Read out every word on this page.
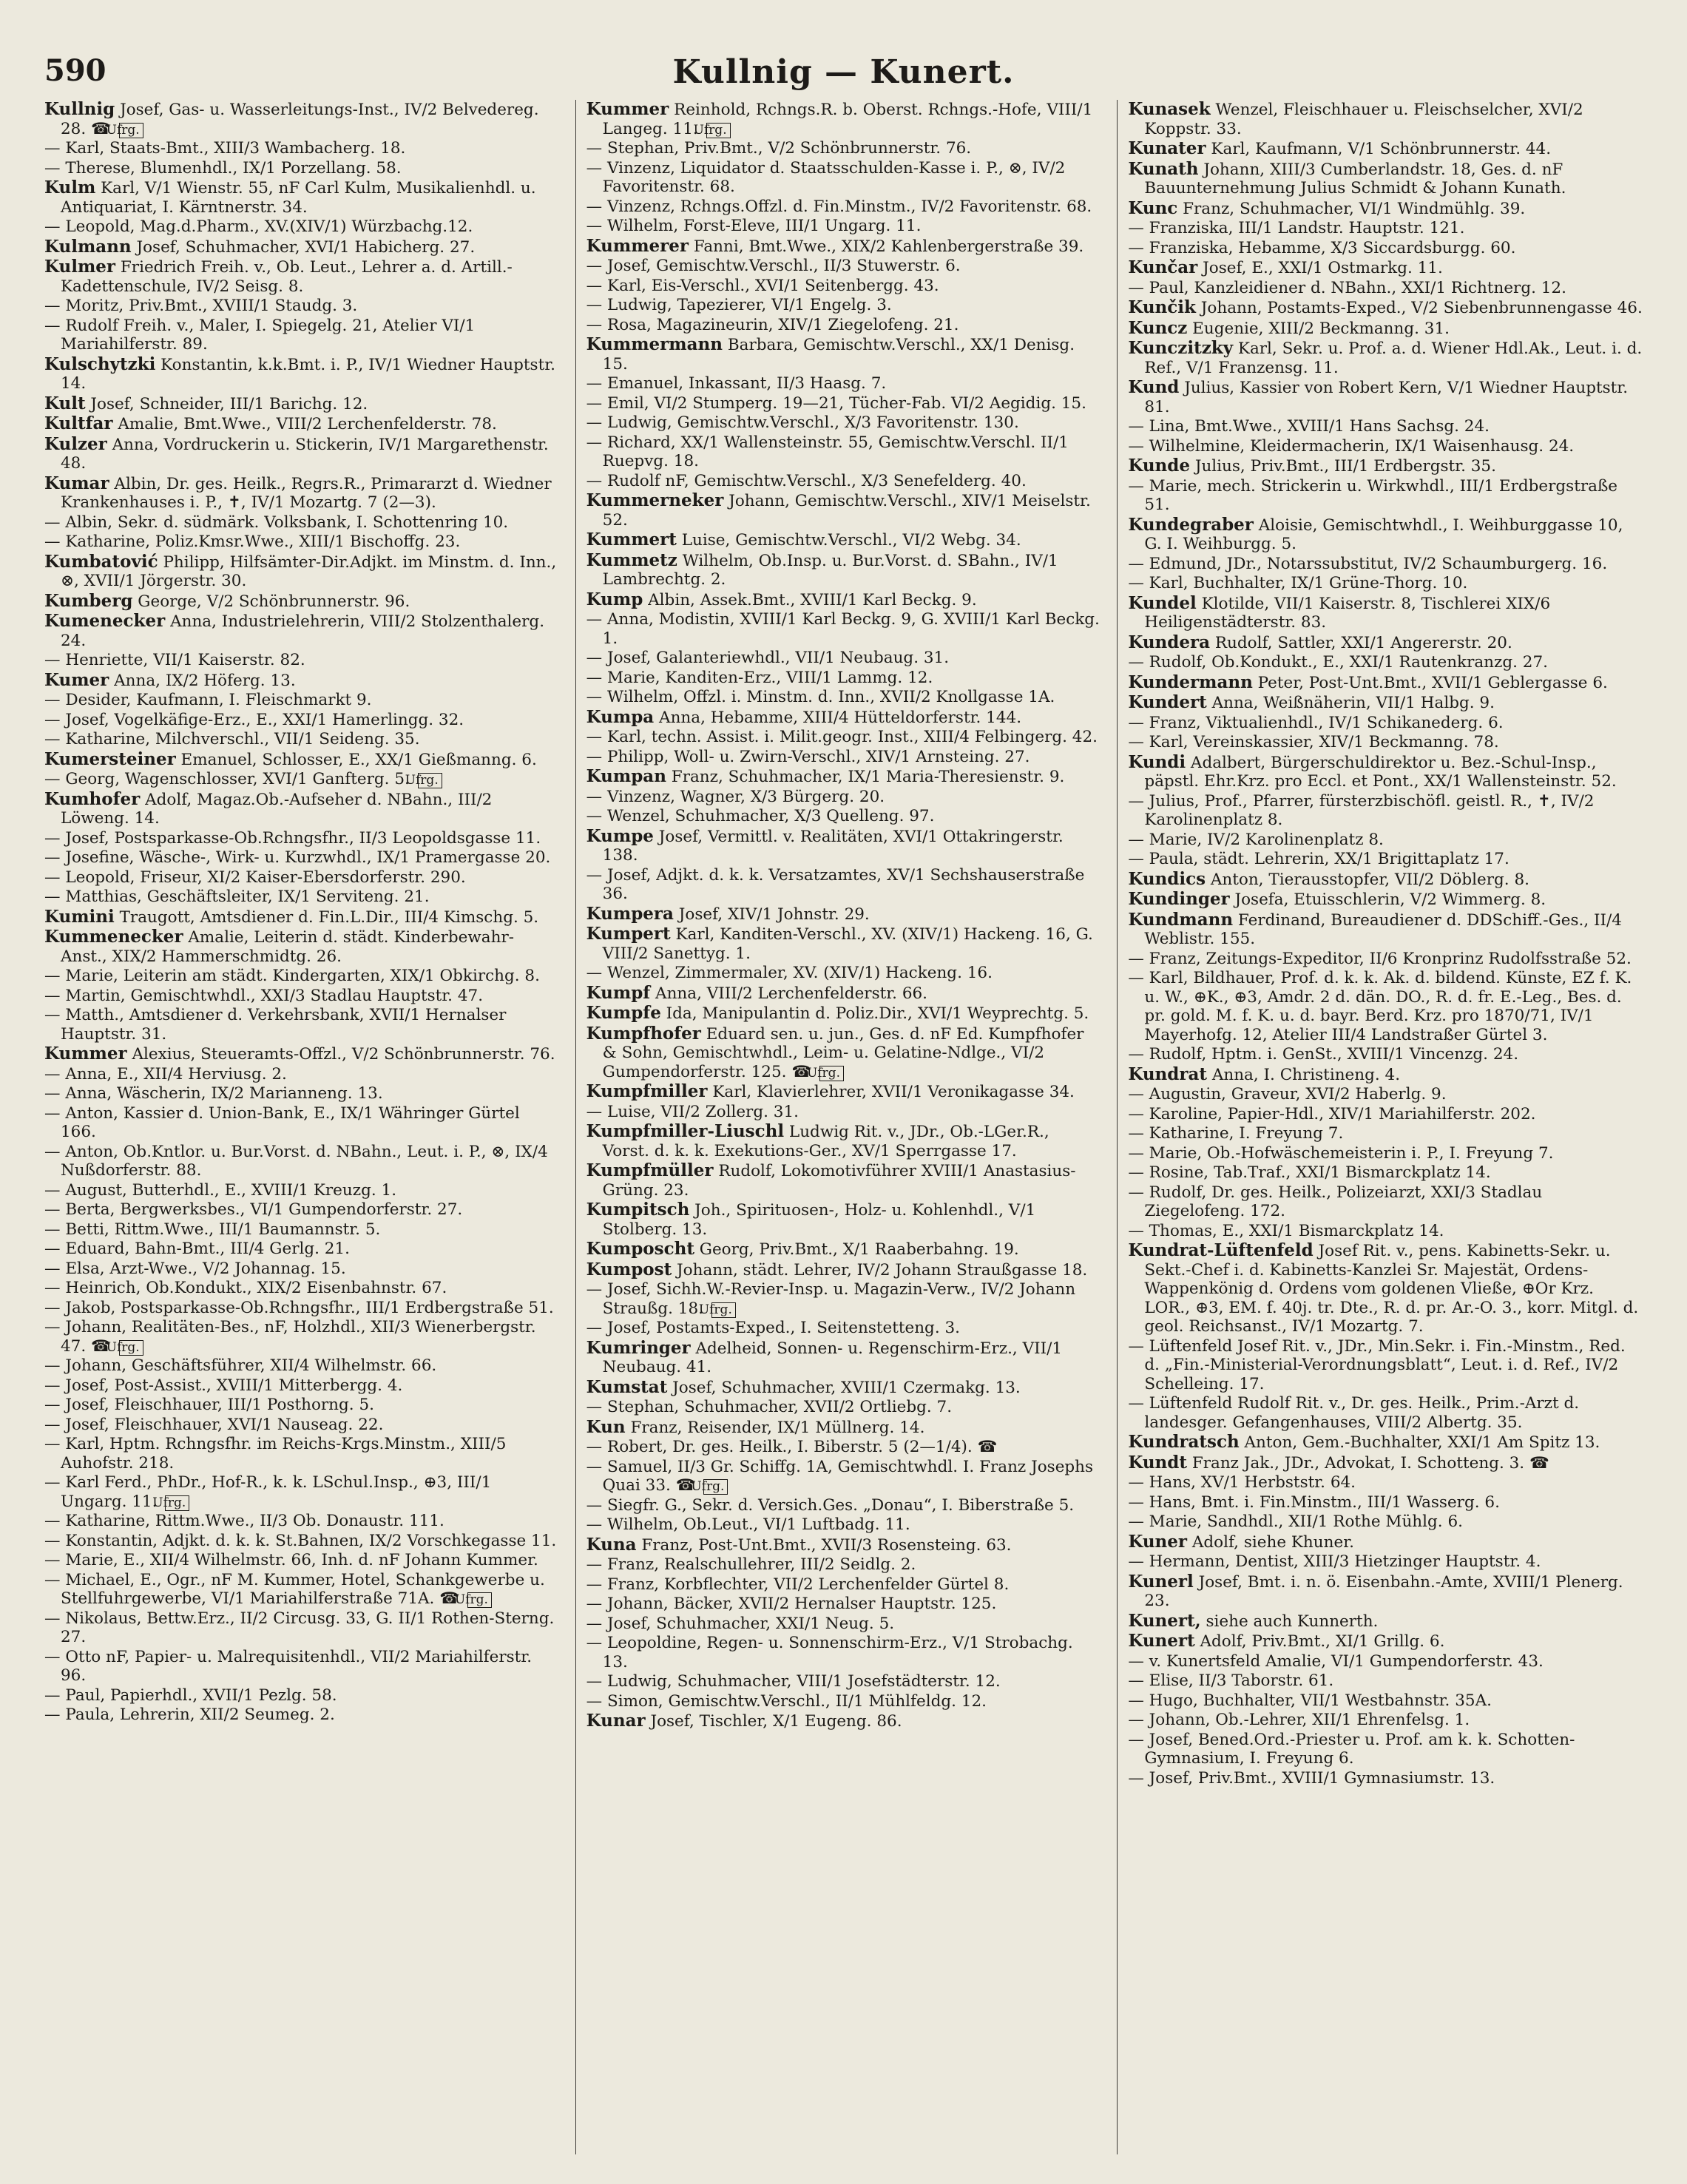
590	Kullnig — Kunert.
Kullnig Josef, Gas- u. Wasserleitungs-Inst., IV/2 Belvedereg. 28. ☎ Ufrg.
— Karl, Staats-Bmt., XIII/3 Wambacherg. 18.
— Therese, Blumenhdl., IX/1 Porzellang. 58.
Kulm Karl, V/1 Wienstr. 55, nF Carl Kulm, Musikalienhdl. u. Antiquariat, I. Kärntnerstr. 34.
— Leopold, Mag.d.Pharm., XV.(XIV/1) Würzbachg.12.
Kulmann Josef, Schuhmacher, XVI/1 Habicherg. 27.
Kulmer Friedrich Freih. v., Ob. Leut., Lehrer a. d. Artill.-Kadettenschule, IV/2 Seisg. 8.
— Moritz, Priv.Bmt., XVIII/1 Staudg. 3.
— Rudolf Freih. v., Maler, I. Spiegelg. 21, Atelier VI/1 Mariahilferstr. 89.
Kulschytzki Konstantin, k.k.Bmt. i. P., IV/1 Wiedner Hauptstr. 14.
Kult Josef, Schneider, III/1 Barichg. 12.
Kultfar Amalie, Bmt.Wwe., VIII/2 Lerchenfelderstr. 78.
Kulzer Anna, Vordruckerin u. Stickerin, IV/1 Margarethenstr. 48.
Kumar Albin, Dr. ges. Heilk., Regrs.R., Primararzt d. Wiedner Krankenhauses i. P., ✝, IV/1 Mozartg. 7 (2—3).
— Albin, Sekr. d. südmärk. Volksbank, I. Schottenring 10.
— Katharine, Poliz.Kmsr.Wwe., XIII/1 Bischoffg. 23.
Kumbatović Philipp, Hilfsämter-Dir.Adjkt. im Minstm. d. Inn., ⊗, XVII/1 Jörgerstr. 30.
Kumberg George, V/2 Schönbrunnerstr. 96.
Kumenecker Anna, Industrielehrerin, VIII/2 Stolzenthalerg. 24.
— Henriette, VII/1 Kaiserstr. 82.
Kumer Anna, IX/2 Höferg. 13.
— Desider, Kaufmann, I. Fleischmarkt 9.
— Josef, Vogelkäfige-Erz., E., XXI/1 Hamerlingg. 32.
— Katharine, Milchverschl., VII/1 Seideng. 35.
Kumersteiner Emanuel, Schlosser, E., XX/1 Gießmanng. 6.
— Georg, Wagenschlosser, XVI/1 Ganfterg. 5. Ufrg.
Kumhofer Adolf, Magaz.Ob.-Aufseher d. NBahn., III/2 Löweng. 14.
— Josef, Postsparkasse-Ob.Rchngsfhr., II/3 Leopoldsgasse 11.
— Josefine, Wäsche-, Wirk- u. Kurzwhdl., IX/1 Pramergasse 20.
— Leopold, Friseur, XI/2 Kaiser-Ebersdorferstr. 290.
— Matthias, Geschäftsleiter, IX/1 Serviteng. 21.
Kumini Traugott, Amtsdiener d. Fin.L.Dir., III/4 Kimschg. 5.
Kummenecker Amalie, Leiterin d. städt. Kinderbewahr-Anst., XIX/2 Hammerschmidtg. 26.
— Marie, Leiterin am städt. Kindergarten, XIX/1 Obkirchg. 8.
— Martin, Gemischtwhdl., XXI/3 Stadlau Hauptstr. 47.
— Matth., Amtsdiener d. Verkehrsbank, XVII/1 Hernalser Hauptstr. 31.
Kummer Alexius, Steueramts-Offzl., V/2 Schönbrunnerstr. 76.
— Anna, E., XII/4 Herviusg. 2.
— Anna, Wäscherin, IX/2 Marianneng. 13.
— Anton, Kassier d. Union-Bank, E., IX/1 Währinger Gürtel 166.
— Anton, Ob.Kntlor. u. Bur.Vorst. d. NBahn., Leut. i. P., ⊗, IX/4 Nußdorferstr. 88.
— August, Butterhdl., E., XVIII/1 Kreuzg. 1.
— Berta, Bergwerksbes., VI/1 Gumpendorferstr. 27.
— Betti, Rittm.Wwe., III/1 Baumannstr. 5.
— Eduard, Bahn-Bmt., III/4 Gerlg. 21.
— Elsa, Arzt-Wwe., V/2 Johannag. 15.
— Heinrich, Ob.Kondukt., XIX/2 Eisenbahnstr. 67.
— Jakob, Postsparkasse-Ob.Rchngsfhr., III/1 Erdbergstraße 51.
— Johann, Realitäten-Bes., nF, Holzhdl., XII/3 Wienerbergstr. 47. ☎ Ufrg.
— Johann, Geschäftsführer, XII/4 Wilhelmstr. 66.
— Josef, Post-Assist., XVIII/1 Mitterbergg. 4.
— Josef, Fleischhauer, III/1 Posthorng. 5.
— Josef, Fleischhauer, XVI/1 Nauseag. 22.
— Karl, Hptm. Rchngsfhr. im Reichs-Krgs.Minstm., XIII/5 Auhofstr. 218.
— Karl Ferd., PhDr., Hof-R., k. k. LSchul.Insp., ⊕3, III/1 Ungarg. 11. Ufrg.
— Katharine, Rittm.Wwe., II/3 Ob. Donaustr. 111.
— Konstantin, Adjkt. d. k. k. St.Bahnen, IX/2 Vorschkegasse 11.
— Marie, E., XII/4 Wilhelmstr. 66, Inh. d. nF Johann Kummer.
— Michael, E., Ogr., nF M. Kummer, Hotel, Schankgewerbe u. Stellfuhrgewerbe, VI/1 Mariahilferstraße 71A. ☎ Ufrg.
— Nikolaus, Bettw.Erz., II/2 Circusg. 33, G. II/1 Rothen-Sterng. 27.
— Otto nF, Papier- u. Malrequisitenhdl., VII/2 Mariahilferstr. 96.
— Paul, Papierhdl., XVII/1 Pezlg. 58.
— Paula, Lehrerin, XII/2 Seumeg. 2.
Kummer Reinhold, Rchngs.R. b. Oberst. Rchngs.-Hofe, VIII/1 Langeg. 11. Ufrg.
— Stephan, Priv.Bmt., V/2 Schönbrunnerstr. 76.
— Vinzenz, Liquidator d. Staatsschulden-Kasse i. P., ⊗, IV/2 Favoritenstr. 68.
— Vinzenz, Rchngs.Offzl. d. Fin.Minstm., IV/2 Favoritenstr. 68.
— Wilhelm, Forst-Eleve, III/1 Ungarg. 11.
Kummerer Fanni, Bmt.Wwe., XIX/2 Kahlenbergerstraße 39.
— Josef, Gemischtw.Verschl., II/3 Stuwerstr. 6.
— Karl, Eis-Verschl., XVI/1 Seitenbergg. 43.
— Ludwig, Tapezierer, VI/1 Engelg. 3.
— Rosa, Magazineurin, XIV/1 Ziegelofeng. 21.
Kummermann Barbara, Gemischtw.Verschl., XX/1 Denisg. 15.
— Emanuel, Inkassant, II/3 Haasg. 7.
— Emil, VI/2 Stumperg. 19—21, Tücher-Fab. VI/2 Aegidig. 15.
— Ludwig, Gemischtw.Verschl., X/3 Favoritenstr. 130.
— Richard, XX/1 Wallensteinstr. 55, Gemischtw.Verschl. II/1 Ruepvg. 18.
— Rudolf nF, Gemischtw.Verschl., X/3 Senefelderg. 40.
Kummerneker Johann, Gemischtw.Verschl., XIV/1 Meiselstr. 52.
Kummert Luise, Gemischtw.Verschl., VI/2 Webg. 34.
Kummetz Wilhelm, Ob.Insp. u. Bur.Vorst. d. SBahn., IV/1 Lambrechtg. 2.
Kump Albin, Assek.Bmt., XVIII/1 Karl Beckg. 9.
— Anna, Modistin, XVIII/1 Karl Beckg. 9, G. XVIII/1 Karl Beckg. 1.
— Josef, Galanteriewhdl., VII/1 Neubaug. 31.
— Marie, Kanditen-Erz., VIII/1 Lammg. 12.
— Wilhelm, Offzl. i. Minstm. d. Inn., XVII/2 Knollgasse 1A.
Kumpa Anna, Hebamme, XIII/4 Hütteldorferstr. 144.
— Karl, techn. Assist. i. Milit.geogr. Inst., XIII/4 Felbingerg. 42.
— Philipp, Woll- u. Zwirn-Verschl., XIV/1 Arnsteing. 27.
Kumpan Franz, Schuhmacher, IX/1 Maria-Theresienstr. 9.
— Vinzenz, Wagner, X/3 Bürgerg. 20.
— Wenzel, Schuhmacher, X/3 Quelleng. 97.
Kumpe Josef, Vermittl. v. Realitäten, XVI/1 Ottakringerstr. 138.
— Josef, Adjkt. d. k. k. Versatzamtes, XV/1 Sechshauserstraße 36.
Kumpera Josef, XIV/1 Johnstr. 29.
Kumpert Karl, Kanditen-Verschl., XV. (XIV/1) Hackeng. 16, G. VIII/2 Sanettyg. 1.
— Wenzel, Zimmermaler, XV. (XIV/1) Hackeng. 16.
Kumpf Anna, VIII/2 Lerchenfelderstr. 66.
Kumpfe Ida, Manipulantin d. Poliz.Dir., XVI/1 Weyprechtg. 5.
Kumpfhofer Eduard sen. u. jun., Ges. d. nF Ed. Kumpfhofer & Sohn, Gemischtwhdl., Leim- u. Gelatine-Ndlge., VI/2 Gumpendorferstr. 125. ☎ Ufrg.
Kumpfmiller Karl, Klavierlehrer, XVII/1 Veronikagasse 34.
— Luise, VII/2 Zollerg. 31.
Kumpfmiller-Liuschl Ludwig Rit. v., JDr., Ob.-LGer.R., Vorst. d. k. k. Exekutions-Ger., XV/1 Sperrgasse 17.
Kumpfmüller Rudolf, Lokomotivführer XVIII/1 Anastasius-Grüng. 23.
Kumpitsch Joh., Spirituosen-, Holz- u. Kohlenhdl., V/1 Stolberg. 13.
Kumposcht Georg, Priv.Bmt., X/1 Raaberbahng. 19.
Kumpost Johann, städt. Lehrer, IV/2 Johann Straußgasse 18.
— Josef, Sichh.W.-Revier-Insp. u. Magazin-Verw., IV/2 Johann Straußg. 18. Ufrg.
— Josef, Postamts-Exped., I. Seitenstetteng. 3.
Kumringer Adelheid, Sonnen- u. Regenschirm-Erz., VII/1 Neubaug. 41.
Kumstat Josef, Schuhmacher, XVIII/1 Czermakg. 13.
— Stephan, Schuhmacher, XVII/2 Ortliebg. 7.
Kun Franz, Reisender, IX/1 Müllnerg. 14.
— Robert, Dr. ges. Heilk., I. Biberstr. 5 (2—1/4). ☎
— Samuel, II/3 Gr. Schiffg. 1A, Gemischtwhdl. I. Franz Josephs Quai 33. ☎ Ufrg.
— Siegfr. G., Sekr. d. Versich.Ges. „Donau“, I. Biberstraße 5.
— Wilhelm, Ob.Leut., VI/1 Luftbadg. 11.
Kuna Franz, Post-Unt.Bmt., XVII/3 Rosensteing. 63.
— Franz, Realschullehrer, III/2 Seidlg. 2.
— Franz, Korbflechter, VII/2 Lerchenfelder Gürtel 8.
— Johann, Bäcker, XVII/2 Hernalser Hauptstr. 125.
— Josef, Schuhmacher, XXI/1 Neug. 5.
— Leopoldine, Regen- u. Sonnenschirm-Erz., V/1 Strobachg. 13.
— Ludwig, Schuhmacher, VIII/1 Josefstädterstr. 12.
— Simon, Gemischtw.Verschl., II/1 Mühlfeldg. 12.
Kunar Josef, Tischler, X/1 Eugeng. 86.
Kunasek Wenzel, Fleischhauer u. Fleischselcher, XVI/2 Koppstr. 33.
Kunater Karl, Kaufmann, V/1 Schönbrunnerstr. 44.
Kunath Johann, XIII/3 Cumberlandstr. 18, Ges. d. nF Bauunternehmung Julius Schmidt & Johann Kunath.
Kunc Franz, Schuhmacher, VI/1 Windmühlg. 39.
— Franziska, III/1 Landstr. Hauptstr. 121.
— Franziska, Hebamme, X/3 Siccardsburgg. 60.
Kunčar Josef, E., XXI/1 Ostmarkg. 11.
— Paul, Kanzleidiener d. NBahn., XXI/1 Richtnerg. 12.
Kunčik Johann, Postamts-Exped., V/2 Siebenbrunnengasse 46.
Kuncz Eugenie, XIII/2 Beckmanng. 31.
Kunczitzky Karl, Sekr. u. Prof. a. d. Wiener Hdl.Ak., Leut. i. d. Ref., V/1 Franzensg. 11.
Kund Julius, Kassier von Robert Kern, V/1 Wiedner Hauptstr. 81.
— Lina, Bmt.Wwe., XVIII/1 Hans Sachsg. 24.
— Wilhelmine, Kleidermacherin, IX/1 Waisenhausg. 24.
Kunde Julius, Priv.Bmt., III/1 Erdbergstr. 35.
— Marie, mech. Strickerin u. Wirkwhdl., III/1 Erdbergstraße 51.
Kundegraber Aloisie, Gemischtwhdl., I. Weihburggasse 10, G. I. Weihburgg. 5.
— Edmund, JDr., Notarssubstitut, IV/2 Schaumburgerg. 16.
— Karl, Buchhalter, IX/1 Grüne-Thorg. 10.
Kundel Klotilde, VII/1 Kaiserstr. 8, Tischlerei XIX/6 Heiligenstädterstr. 83.
Kundera Rudolf, Sattler, XXI/1 Angererstr. 20.
— Rudolf, Ob.Kondukt., E., XXI/1 Rautenkranzg. 27.
Kundermann Peter, Post-Unt.Bmt., XVII/1 Geblergasse 6.
Kundert Anna, Weißnäherin, VII/1 Halbg. 9.
— Franz, Viktualienhdl., IV/1 Schikanederg. 6.
— Karl, Vereinskassier, XIV/1 Beckmanng. 78.
Kundi Adalbert, Bürgerschuldirektor u. Bez.-Schul-Insp., päpstl. Ehr.Krz. pro Eccl. et Pont., XX/1 Wallensteinstr. 52.
— Julius, Prof., Pfarrer, fürsterzbischöfl. geistl. R., ✝, IV/2 Karolinenplatz 8.
— Marie, IV/2 Karolinenplatz 8.
— Paula, städt. Lehrerin, XX/1 Brigittaplatz 17.
Kundics Anton, Tierausstopfer, VII/2 Döblerg. 8.
Kundinger Josefa, Etuisschlerin, V/2 Wimmerg. 8.
Kundmann Ferdinand, Bureaudiener d. DDSchiff.-Ges., II/4 Weblistr. 155.
— Franz, Zeitungs-Expeditor, II/6 Kronprinz Rudolfsstraße 52.
— Karl, Bildhauer, Prof. d. k. k. Ak. d. bildend. Künste, EZ f. K. u. W., ⊕K., ⊕3, Amdr. 2 d. dän. DO., R. d. fr. E.-Leg., Bes. d. pr. gold. M. f. K. u. d. bayr. Berd. Krz. pro 1870/71, IV/1 Mayerhofg. 12, Atelier III/4 Landstraßer Gürtel 3.
— Rudolf, Hptm. i. GenSt., XVIII/1 Vincenzg. 24.
Kundrat Anna, I. Christineng. 4.
— Augustin, Graveur, XVI/2 Haberlg. 9.
— Karoline, Papier-Hdl., XIV/1 Mariahilferstr. 202.
— Katharine, I. Freyung 7.
— Marie, Ob.-Hofwäschemeisterin i. P., I. Freyung 7.
— Rosine, Tab.Traf., XXI/1 Bismarckplatz 14.
— Rudolf, Dr. ges. Heilk., Polizeiarzt, XXI/3 Stadlau Ziegelofeng. 172.
— Thomas, E., XXI/1 Bismarckplatz 14.
Kundrat-Lüftenfeld Josef Rit. v., pens. Kabinetts-Sekr. u. Sekt.-Chef i. d. Kabinetts-Kanzlei Sr. Majestät, Ordens-Wappenkönig d. Ordens vom goldenen Vließe, ⊕Or Krz. LOR., ⊕3, EM. f. 40j. tr. Dte., R. d. pr. Ar.-O. 3., korr. Mitgl. d. geol. Reichsanst., IV/1 Mozartg. 7.
— Lüftenfeld Josef Rit. v., JDr., Min.Sekr. i. Fin.-Minstm., Red. d. „Fin.-Ministerial-Verordnungsblatt“, Leut. i. d. Ref., IV/2 Schelleing. 17.
— Lüftenfeld Rudolf Rit. v., Dr. ges. Heilk., Prim.-Arzt d. landesger. Gefangenhauses, VIII/2 Albertg. 35.
Kundratsch Anton, Gem.-Buchhalter, XXI/1 Am Spitz 13.
Kundt Franz Jak., JDr., Advokat, I. Schotteng. 3. ☎
— Hans, XV/1 Herbststr. 64.
— Hans, Bmt. i. Fin.Minstm., III/1 Wasserg. 6.
— Marie, Sandhdl., XII/1 Rothe Mühlg. 6.
Kuner Adolf, siehe Khuner.
— Hermann, Dentist, XIII/3 Hietzinger Hauptstr. 4.
Kunerl Josef, Bmt. i. n. ö. Eisenbahn.-Amte, XVIII/1 Plenerg. 23.
Kunert, siehe auch Kunnerth.
Kunert Adolf, Priv.Bmt., XI/1 Grillg. 6.
— v. Kunertsfeld Amalie, VI/1 Gumpendorferstr. 43.
— Elise, II/3 Taborstr. 61.
— Hugo, Buchhalter, VII/1 Westbahnstr. 35A.
— Johann, Ob.-Lehrer, XII/1 Ehrenfelsg. 1.
— Josef, Bened.Ord.-Priester u. Prof. am k. k. Schotten-Gymnasium, I. Freyung 6.
— Josef, Priv.Bmt., XVIII/1 Gymnasiumstr. 13.
